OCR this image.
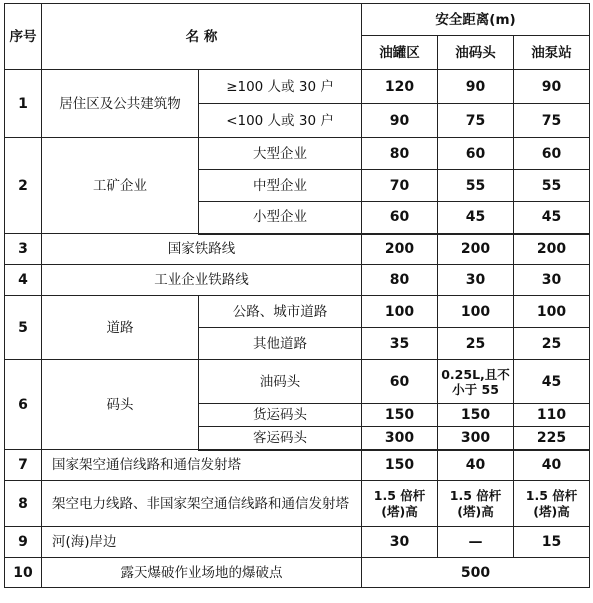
序号	名 称		安全距离(m)		
			油罐区	油码头	油泵站
1	居住区及公共建筑物	≥100 人或 30 户	120	90	90
		<100 人或 30 户	90	75	75
2	工矿企业	大型企业	80	60	60
		中型企业	70	55	55
		小型企业	60	45	45
3	国家铁路线		200	200	200
4	工业企业铁路线		80	30	30
5	道路	公路、城市道路	100	100	100
		其他道路	35	25	25
6	码头	油码头	60	0.25L,且不小于 55	45
		货运码头	150	150	110
		客运码头	300	300	225
7	国家架空通信线路和通信发射塔		150	40	40
8	架空电力线路、非国家架空通信线路和通信发射塔		1.5 倍杆(塔)高	1.5 倍杆(塔)高	1.5 倍杆(塔)高
9	河(海)岸边		30	—	15
10	露天爆破作业场地的爆破点		500		
